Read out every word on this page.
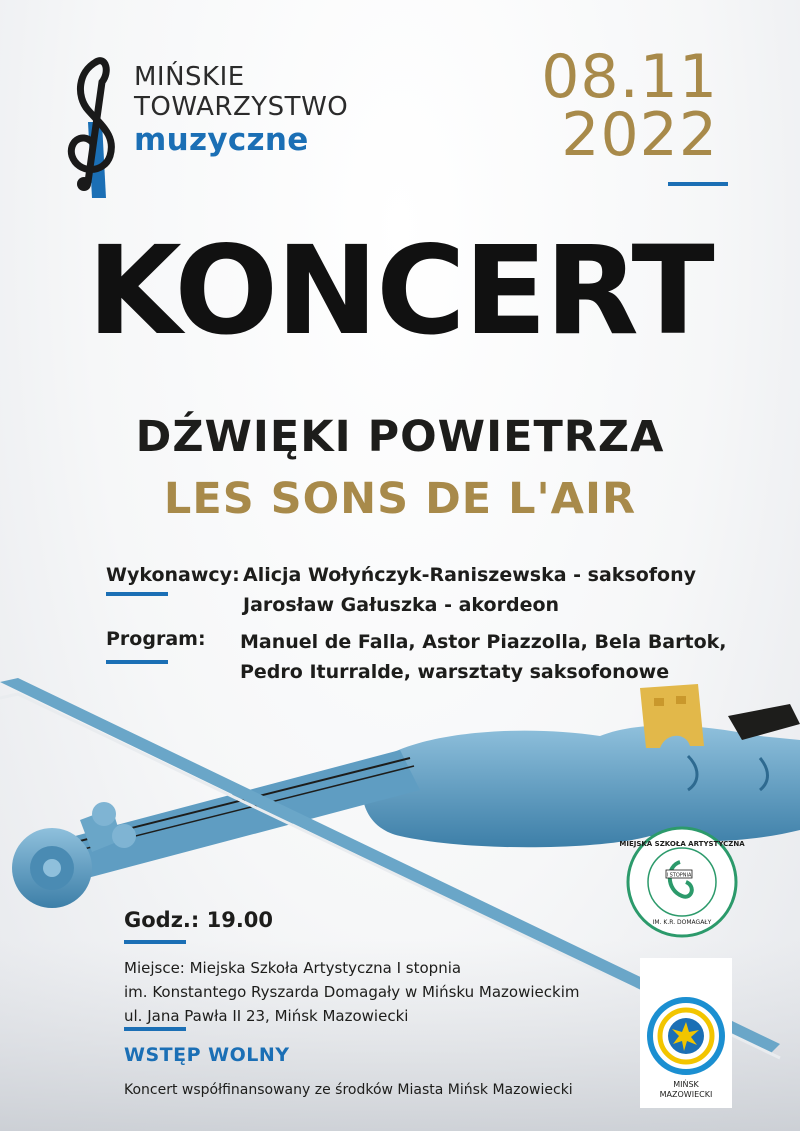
MIŃSKIE
TOWARZYSTWO
muzyczne
08.11
2022
KONCERT
DŹWIĘKI POWIETRZA
LES SONS DE L'AIR
Wykonawcy: Alicja Wołyńczyk-Raniszewska - saksofony
Jarosław Gałuszka - akordeon
Program: Manuel de Falla, Astor Piazzolla, Bela Bartok,
Pedro Iturralde, warsztaty saksofonowe
I STOPNIA
MIEJSKA SZKOŁA ARTYSTYCZNA
IM. K.R. DOMAGAŁY
MIŃSK
MAZOWIECKI
Godz.: 19.00
Miejsce: Miejska Szkoła Artystyczna I stopnia
im. Konstantego Ryszarda Domagały w Mińsku Mazowieckim
ul. Jana Pawła II 23, Mińsk Mazowiecki
WSTĘP WOLNY
Koncert współfinansowany ze środków Miasta Mińsk Mazowiecki
